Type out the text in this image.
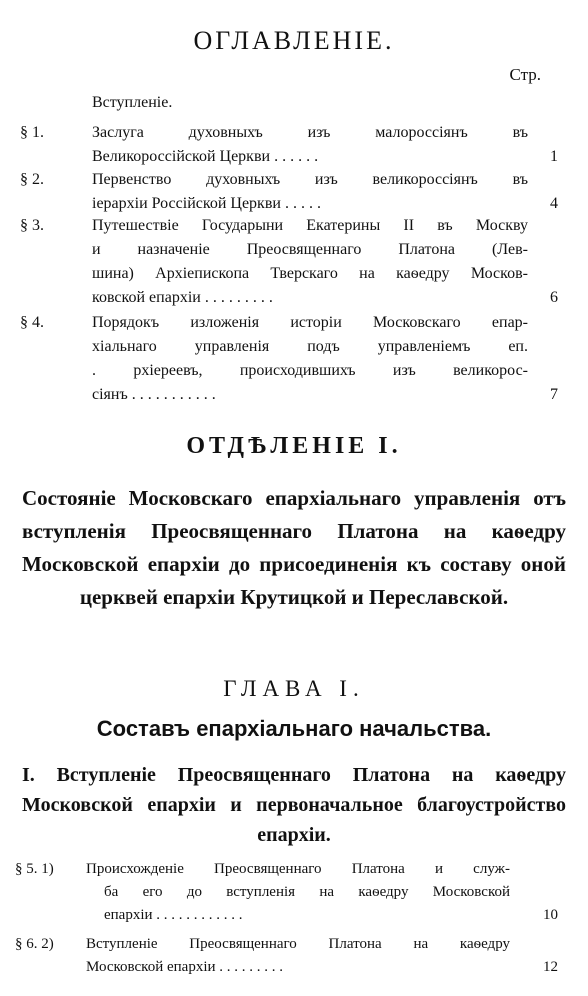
ОГЛАВЛЕНІЕ.
Стр.
Вступленіе.
§ 1.	Заслуга духовныхъ изъ малороссіянъ въ
Великороссійской Церкви . . . . . .	1
§ 2.	Первенство духовныхъ изъ великороссіянъ въ
іерархіи Россійской Церкви . . . . .	4
§ 3.	Путешествіе Государыни Екатерины II въ Москву
и назначеніе Преосвященнаго Платона (Лев-
шина) Архіепископа Тверскаго на каѳедру Москов-
ковской епархіи . . . . . . . . .	6
§ 4.	Порядокъ изложенія исторіи Московскаго епар-
хіальнаго управленія подъ управленіемъ еп.
. рхіереевъ, происходившихъ изъ великорос-
сіянъ . . . . . . . . . . .	7
ОТДѢЛЕНІЕ I.
Состояніе Московскаго епархіальнаго управленія отъ вступленія Преосвященнаго Платона на каѳедру Московской епархіи до присоединенія къ составу оной церквей епархіи Крутицкой и Переславской.
ГЛАВА I.
Составъ епархіальнаго начальства.
I. Вступленіе Преосвященнаго Платона на каѳедру Московской епархіи и первоначальное благоустройство епархіи.
§ 5. 1) Происхожденіе Преосвященнаго Платона и служ-
ба его до вступленія на каѳедру Московской
епархіи . . . . . . . . . . . .	10
§ 6. 2) Вступленіе Преосвященнаго Платона на каѳедру
Московской епархіи . . . . . . . . .	12
